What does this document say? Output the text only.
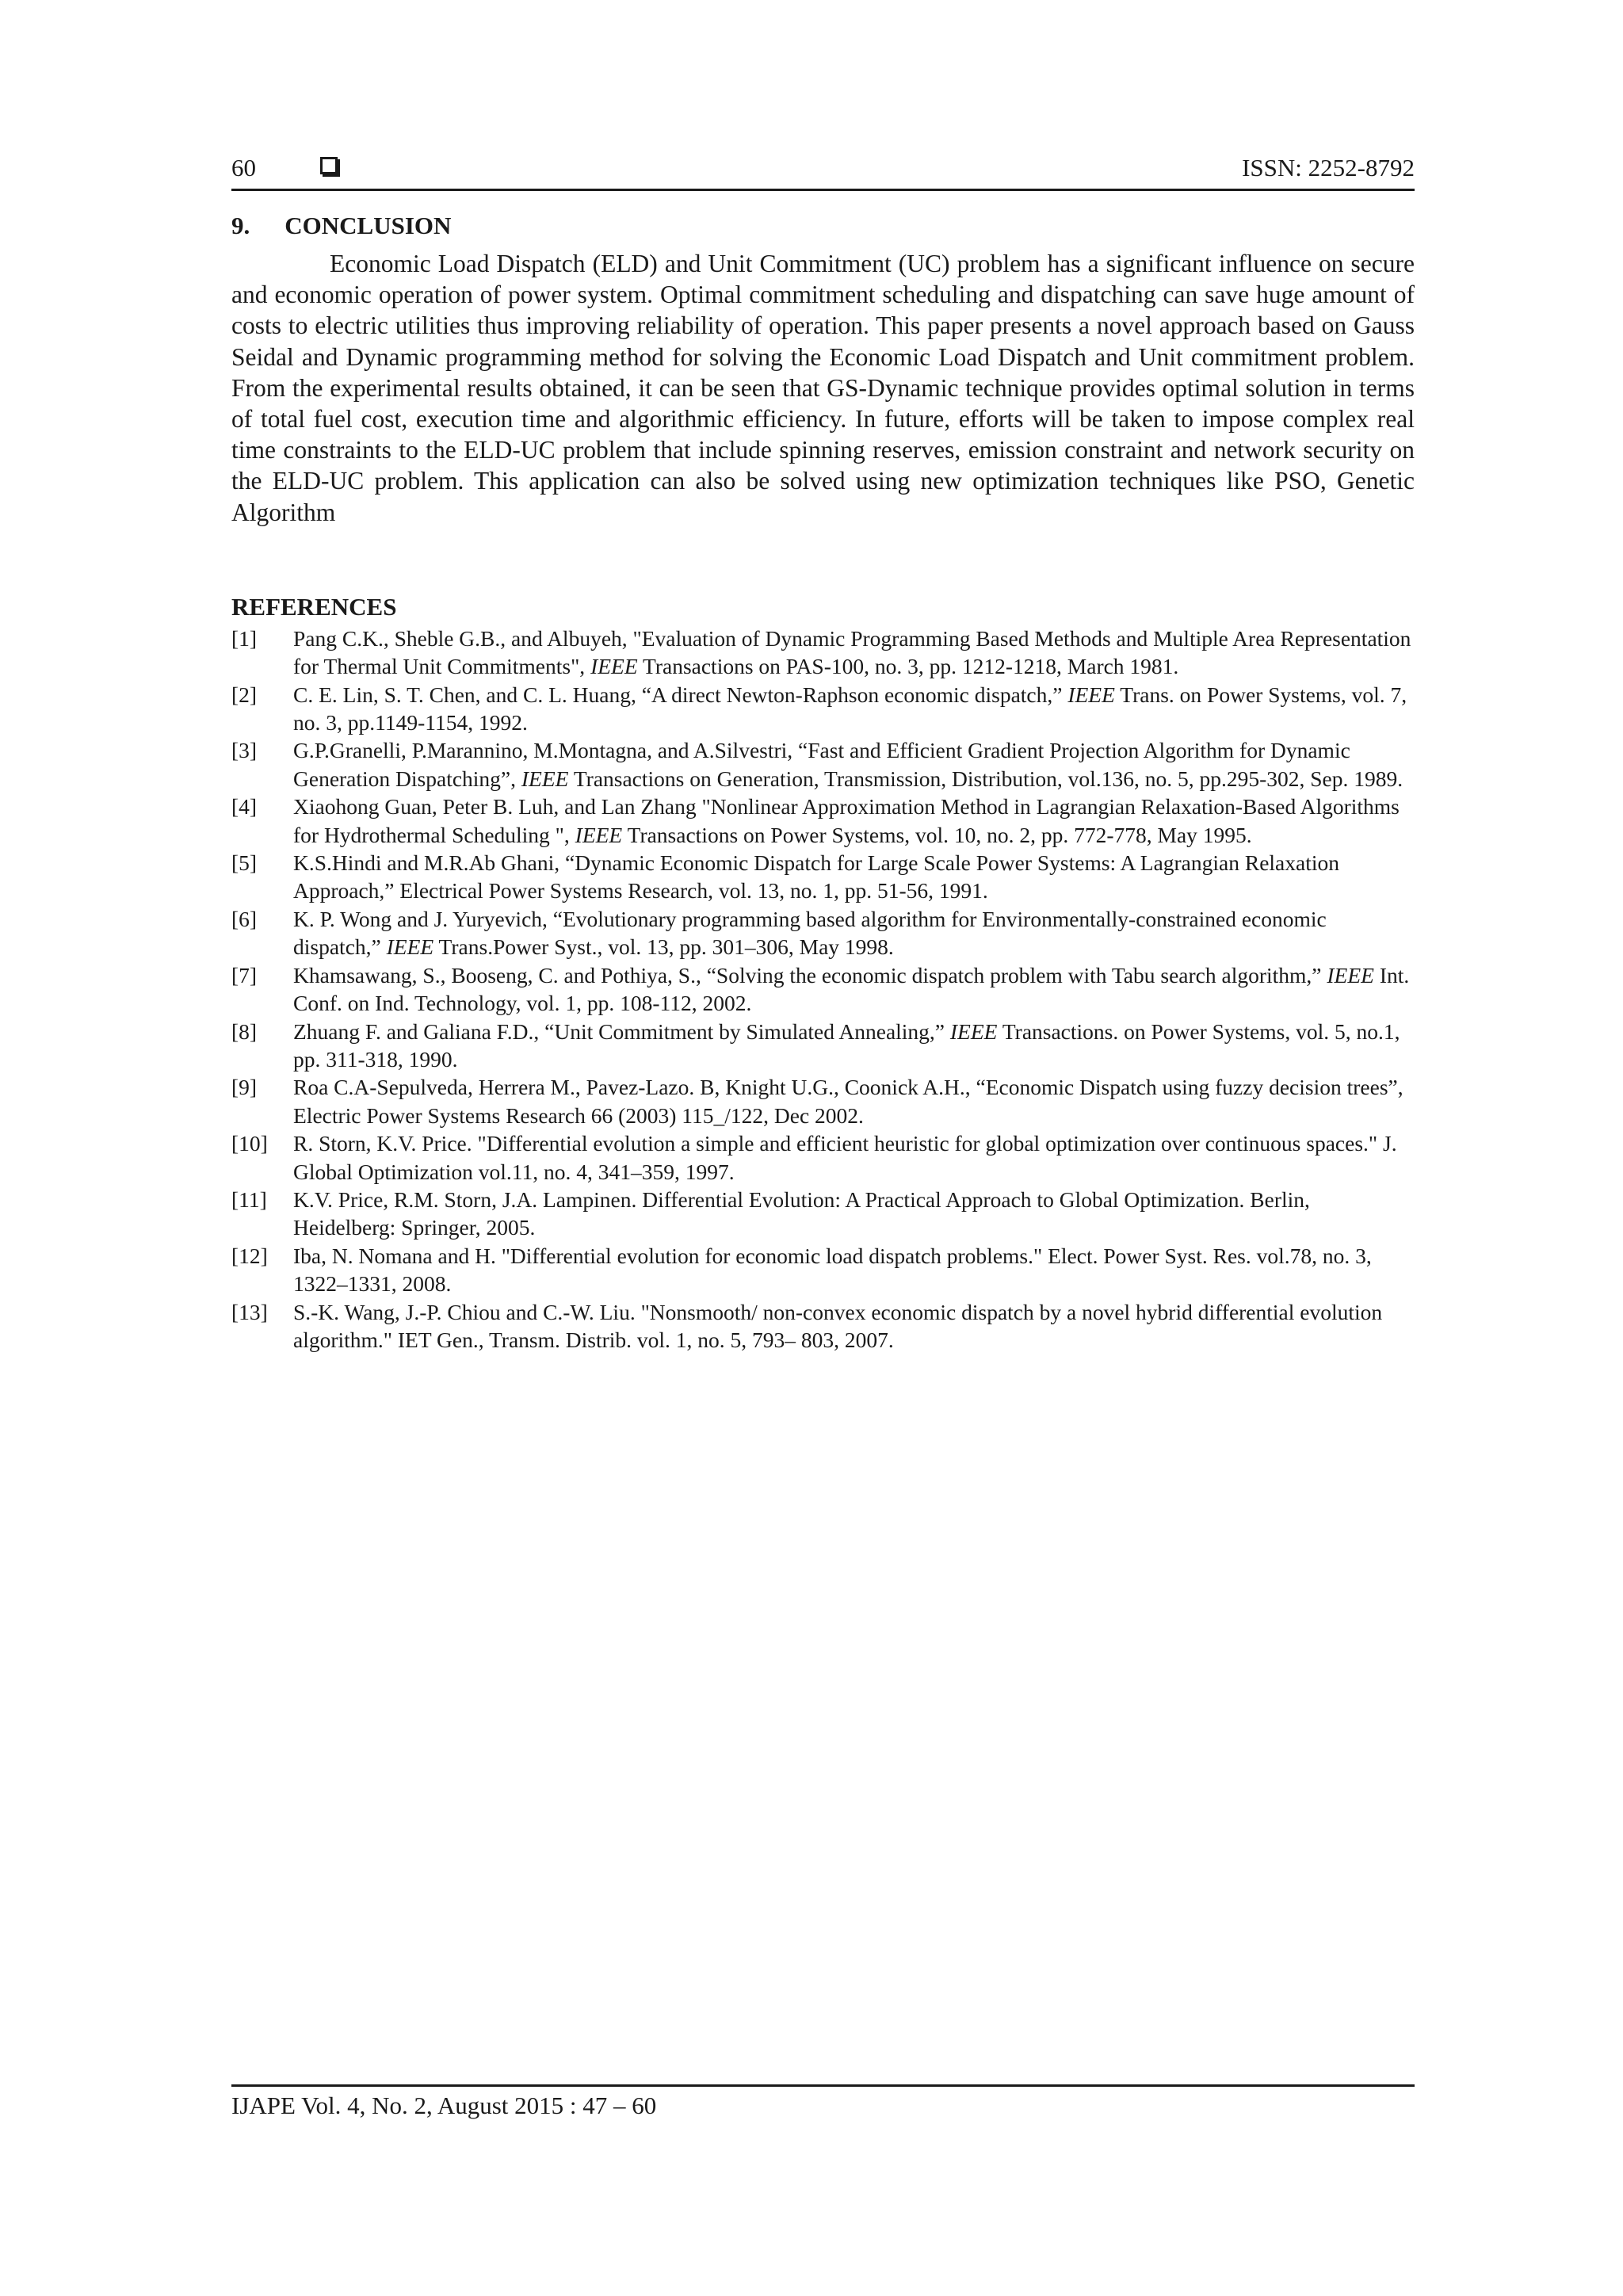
60	ISSN: 2252-8792
9. CONCLUSION

Economic Load Dispatch (ELD) and Unit Commitment (UC) problem has a significant influence on secure and economic operation of power system. Optimal commitment scheduling and dispatching can save huge amount of costs to electric utilities thus improving reliability of operation. This paper presents a novel approach based on Gauss Seidal and Dynamic programming method for solving the Economic Load Dispatch and Unit commitment problem. From the experimental results obtained, it can be seen that GS-Dynamic technique provides optimal solution in terms of total fuel cost, execution time and algorithmic efficiency. In future, efforts will be taken to impose complex real time constraints to the ELD-UC problem that include spinning reserves, emission constraint and network security on the ELD-UC problem. This application can also be solved using new optimization techniques like PSO, Genetic Algorithm

REFERENCES
[1]	Pang C.K., Sheble G.B., and Albuyeh, "Evaluation of Dynamic Programming Based Methods and Multiple Area Representation for Thermal Unit Commitments", IEEE Transactions on PAS-100, no. 3, pp. 1212-1218, March 1981.
[2]	C. E. Lin, S. T. Chen, and C. L. Huang, “A direct Newton-Raphson economic dispatch,” IEEE Trans. on Power Systems, vol. 7, no. 3, pp.1149-1154, 1992.
[3]	G.P.Granelli, P.Marannino, M.Montagna, and A.Silvestri, “Fast and Efficient Gradient Projection Algorithm for Dynamic Generation Dispatching”, IEEE Transactions on Generation, Transmission, Distribution, vol.136, no. 5, pp.295-302, Sep. 1989.
[4]	Xiaohong Guan, Peter B. Luh, and Lan Zhang "Nonlinear Approximation Method in Lagrangian Relaxation-Based Algorithms for Hydrothermal Scheduling ", IEEE Transactions on Power Systems, vol. 10, no. 2, pp. 772-778, May 1995.
[5]	K.S.Hindi and M.R.Ab Ghani, “Dynamic Economic Dispatch for Large Scale Power Systems: A Lagrangian Relaxation Approach,” Electrical Power Systems Research, vol. 13, no. 1, pp. 51-56, 1991.
[6]	K. P. Wong and J. Yuryevich, “Evolutionary programming based algorithm for Environmentally-constrained economic dispatch,” IEEE Trans.Power Syst., vol. 13, pp. 301–306, May 1998.
[7]	Khamsawang, S., Booseng, C. and Pothiya, S., “Solving the economic dispatch problem with Tabu search algorithm,” IEEE Int. Conf. on Ind. Technology, vol. 1, pp. 108-112, 2002.
[8]	Zhuang F. and Galiana F.D., “Unit Commitment by Simulated Annealing,” IEEE Transactions. on Power Systems, vol. 5, no.1, pp. 311-318, 1990.
[9]	Roa C.A-Sepulveda, Herrera M., Pavez-Lazo. B, Knight U.G., Coonick A.H., “Economic Dispatch using fuzzy decision trees”, Electric Power Systems Research 66 (2003) 115_/122, Dec 2002.
[10]	R. Storn, K.V. Price. "Differential evolution a simple and efficient heuristic for global optimization over continuous spaces." J. Global Optimization vol.11, no. 4, 341–359, 1997.
[11]	K.V. Price, R.M. Storn, J.A. Lampinen. Differential Evolution: A Practical Approach to Global Optimization. Berlin, Heidelberg: Springer, 2005.
[12]	Iba, N. Nomana and H. "Differential evolution for economic load dispatch problems." Elect. Power Syst. Res. vol.78, no. 3, 1322–1331, 2008.
[13]	S.-K. Wang, J.-P. Chiou and C.-W. Liu. "Nonsmooth/ non-convex economic dispatch by a novel hybrid differential evolution algorithm." IET Gen., Transm. Distrib. vol. 1, no. 5, 793– 803, 2007.
IJAPE Vol. 4, No. 2, August 2015 : 47 – 60
